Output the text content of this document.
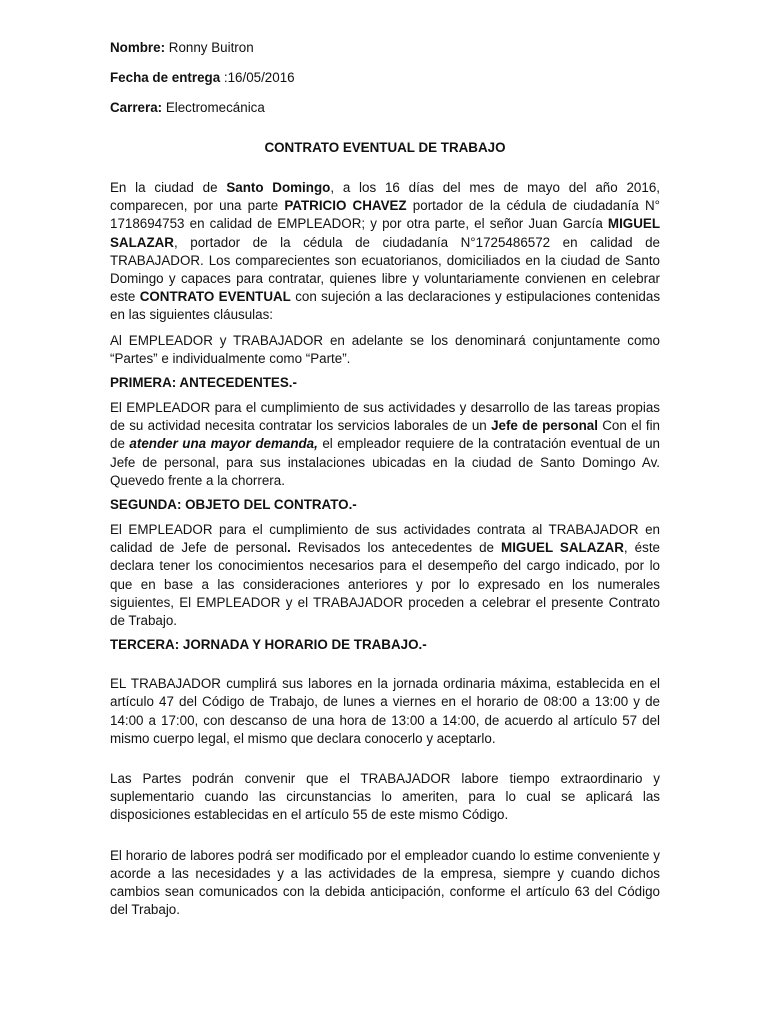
Nombre: Ronny Buitron
Fecha de entrega :16/05/2016
Carrera: Electromecánica
CONTRATO EVENTUAL DE TRABAJO

En la ciudad de Santo Domingo, a los 16 días del mes de mayo del año 2016, comparecen, por una parte PATRICIO CHAVEZ portador de la cédula de ciudadanía N° 1718694753 en calidad de EMPLEADOR; y por otra parte, el señor Juan García MIGUEL SALAZAR, portador de la cédula de ciudadanía N°1725486572 en calidad de TRABAJADOR. Los comparecientes son ecuatorianos, domiciliados en la ciudad de Santo Domingo y capaces para contratar, quienes libre y voluntariamente convienen en celebrar este CONTRATO EVENTUAL con sujeción a las declaraciones y estipulaciones contenidas en las siguientes cláusulas:

Al EMPLEADOR y TRABAJADOR en adelante se los denominará conjuntamente como “Partes” e individualmente como “Parte”.

PRIMERA: ANTECEDENTES.-

El EMPLEADOR para el cumplimiento de sus actividades y desarrollo de las tareas propias de su actividad necesita contratar los servicios laborales de un Jefe de personal Con el fin de atender una mayor demanda, el empleador requiere de la contratación eventual de un Jefe de personal, para sus instalaciones ubicadas en la ciudad de Santo Domingo Av. Quevedo frente a la chorrera.

SEGUNDA: OBJETO DEL CONTRATO.-

El EMPLEADOR para el cumplimiento de sus actividades contrata al TRABAJADOR en calidad de Jefe de personal. Revisados los antecedentes de MIGUEL SALAZAR, éste declara tener los conocimientos necesarios para el desempeño del cargo indicado, por lo que en base a las consideraciones anteriores y por lo expresado en los numerales siguientes, El EMPLEADOR y el TRABAJADOR proceden a celebrar el presente Contrato de Trabajo.

TERCERA: JORNADA Y HORARIO DE TRABAJO.-

EL TRABAJADOR cumplirá sus labores en la jornada ordinaria máxima, establecida en el artículo 47 del Código de Trabajo, de lunes a viernes en el horario de 08:00 a 13:00 y de 14:00 a 17:00, con descanso de una hora de 13:00 a 14:00, de acuerdo al artículo 57 del mismo cuerpo legal, el mismo que declara conocerlo y aceptarlo.

Las Partes podrán convenir que el TRABAJADOR labore tiempo extraordinario y suplementario cuando las circunstancias lo ameriten, para lo cual se aplicará las disposiciones establecidas en el artículo 55 de este mismo Código.

El horario de labores podrá ser modificado por el empleador cuando lo estime conveniente y acorde a las necesidades y a las actividades de la empresa, siempre y cuando dichos cambios sean comunicados con la debida anticipación, conforme el artículo 63 del Código del Trabajo.
